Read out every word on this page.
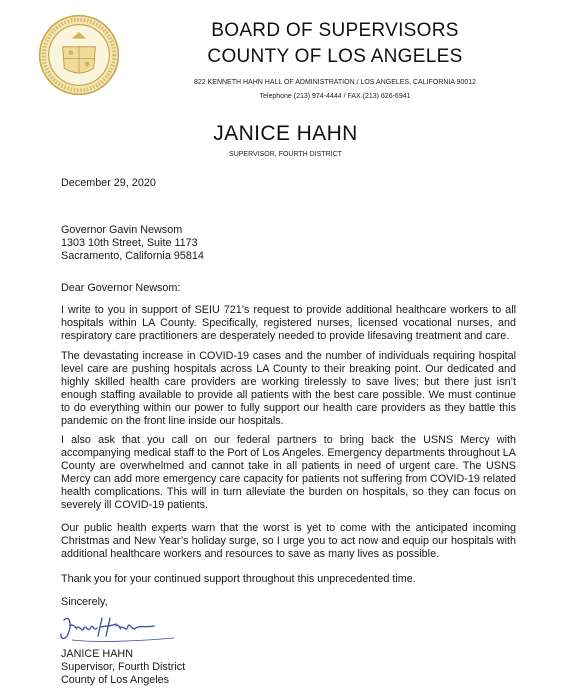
BOARD OF SUPERVISORS

COUNTY OF LOS ANGELES

822 KENNETH HAHN HALL OF ADMINISTRATION / LOS ANGELES, CALIFORNIA 90012

Telephone (213) 974-4444 / FAX (213) 626-6941

JANICE HAHN

SUPERVISOR, FOURTH DISTRICT

December 29, 2020

Governor Gavin Newsom

1303 10th Street, Suite 1173

Sacramento, California 95814

Dear Governor Newsom:

I write to you in support of SEIU 721’s request to provide additional healthcare workers to all hospitals within LA County. Specifically, registered nurses, licensed vocational nurses, and respiratory care practitioners are desperately needed to provide lifesaving treatment and care.

The devastating increase in COVID-19 cases and the number of individuals requiring hospital level care are pushing hospitals across LA County to their breaking point. Our dedicated and highly skilled health care providers are working tirelessly to save lives; but there just isn’t enough staffing available to provide all patients with the best care possible. We must continue to do everything within our power to fully support our health care providers as they battle this pandemic on the front line inside our hospitals.

I also ask that you call on our federal partners to bring back the USNS Mercy with accompanying medical staff to the Port of Los Angeles. Emergency departments throughout LA County are overwhelmed and cannot take in all patients in need of urgent care. The USNS Mercy can add more emergency care capacity for patients not suffering from COVID-19 related health complications. This will in turn alleviate the burden on hospitals, so they can focus on severely ill COVID-19 patients.

Our public health experts warn that the worst is yet to come with the anticipated incoming Christmas and New Year’s holiday surge, so I urge you to act now and equip our hospitals with additional healthcare workers and resources to save as many lives as possible.

Thank you for your continued support throughout this unprecedented time.

Sincerely,

JANICE HAHN

Supervisor, Fourth District

County of Los Angeles
